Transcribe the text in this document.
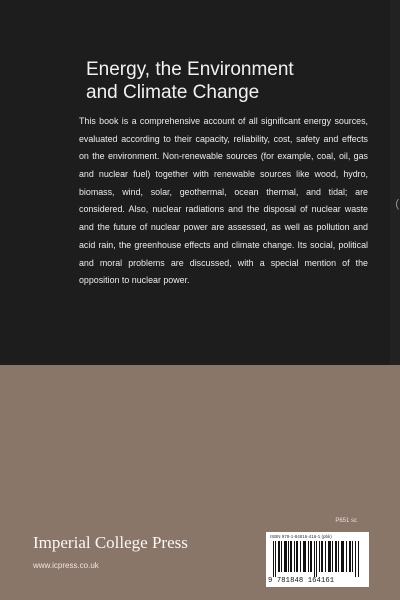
(
Energy, the Environment
and Climate Change

This book is a comprehensive account of all significant energy sources, evaluated according to their capacity, reliability, cost, safety and effects on the environment. Non-renewable sources (for example, coal, oil, gas and nuclear fuel) together with renewable sources like wood, hydro, biomass, wind, solar, geothermal, ocean thermal, and tidal; are considered. Also, nuclear radiations and the disposal of nuclear waste and the future of nuclear power are assessed, as well as pollution and acid rain, the greenhouse effects and climate change. Its social, political and moral problems are discussed, with a special mention of the opposition to nuclear power.

P651 sc
Imperial College Press
www.icpress.co.uk
ISBN 978-1-84816-416-1 (pbk)
9 781848 164161
